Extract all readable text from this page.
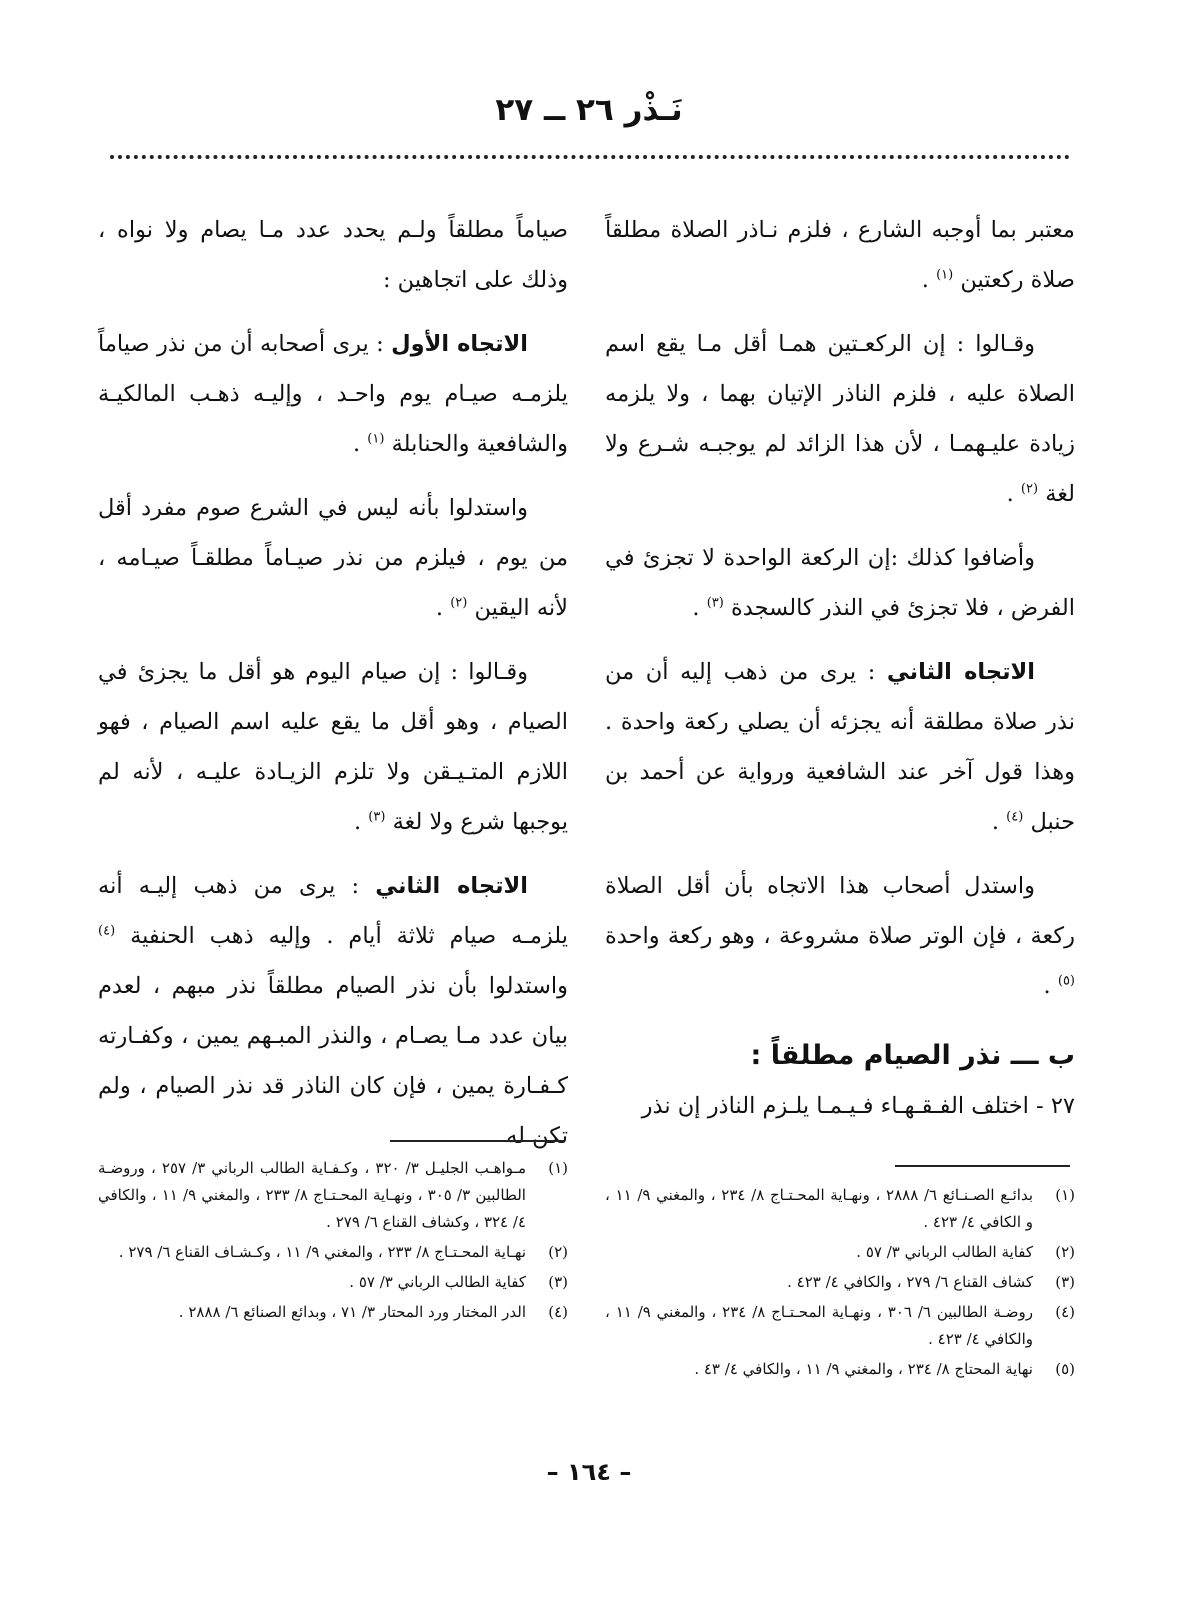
نَـذْر ٢٦ ــ ٢٧

معتبر بما أوجبه الشارع ، فلزم نـاذر الصلاة مطلقاً صلاة ركعتين $^{(١)}$ .

وقـالوا : إن الركعـتين همـا أقل مـا يقع اسم الصلاة عليه ، فلزم الناذر الإتيان بهما ، ولا يلزمه زيادة عليـهمـا ، لأن هذا الزائد لم يوجبـه شـرع ولا لغة $^{(٢)}$ .

وأضافوا كذلك :إن الركعة الواحدة لا تجزئ في الفرض ، فلا تجزئ في النذر كالسجدة $^{(٣)}$ .

الاتجاه الثاني : يرى من ذهب إليه أن من نذر صلاة مطلقة أنه يجزئه أن يصلي ركعة واحدة . وهذا قول آخر عند الشافعية ورواية عن أحمد بن حنبل $^{(٤)}$ .

واستدل أصحاب هذا الاتجاه بأن أقل الصلاة ركعة ، فإن الوتر صلاة مشروعة ، وهو ركعة واحدة $^{(٥)}$ .

ب ـــ نذر الصيام مطلقاً :

٢٧ - اختلف الفـقـهـاء فـيـمـا يلـزم الناذر إن نذر

صياماً مطلقاً ولـم يحدد عدد مـا يصام ولا نواه ، وذلك على اتجاهين :

الاتجاه الأول : يرى أصحابه أن من نذر صياماً يلزمـه صيـام يوم واحـد ، وإليـه ذهـب المالكيـة والشافعية والحنابلة $^{(١)}$ .

واستدلوا بأنه ليس في الشرع صوم مفرد أقل من يوم ، فيلزم من نذر صيـاماً مطلقـاً صيـامه ، لأنه اليقين $^{(٢)}$ .

وقـالوا : إن صيام اليوم هو أقل ما يجزئ في الصيام ، وهو أقل ما يقع عليه اسم الصيام ، فهو اللازم المتـيـقن ولا تلزم الزيـادة عليـه ، لأنه لم يوجبها شرع ولا لغة $^{(٣)}$ .

الاتجاه الثاني : يرى من ذهب إليـه أنه يلزمـه صيام ثلاثة أيام . وإليه ذهب الحنفية $^{(٤)}$ واستدلوا بأن نذر الصيام مطلقاً نذر مبهم ، لعدم بيان عدد مـا يصـام ، والنذر المبـهم يمين ، وكفـارته كـفـارة يمين ، فإن كان الناذر قد نذر الصيام ، ولم تكن له

(١)
بدائـع الصـنـائع ٦/ ٢٨٨٨ ، ونهـاية المحـتـاج ٨/ ٢٣٤ ، والمغني ٩/ ١١ ، و الكافي ٤/ ٤٢٣ .
(٢)
كفاية الطالب الرباني ٣/ ٥٧ .
(٣)
كشاف القناع ٦/ ٢٧٩ ، والكافي ٤/ ٤٢٣ .
(٤)
روضـة الطالبين ٦/ ٣٠٦ ، ونهـاية المحـتـاج ٨/ ٢٣٤ ، والمغني ٩/ ١١ ، والكافي ٤/ ٤٢٣ .
(٥)
نهاية المحتاج ٨/ ٢٣٤ ، والمغني ٩/ ١١ ، والكافي ٤/ ٤٣ .
(١)
مـواهـب الجليـل ٣/ ٣٢٠ ، وكـفـاية الطالب الرباني ٣/ ٢٥٧ ، وروضـة الطالبين ٣/ ٣٠٥ ، ونهـاية المحـتـاج ٨/ ٢٣٣ ، والمغني ٩/ ١١ ، والكافي ٤/ ٣٢٤ ، وكشاف القناع ٦/ ٢٧٩ .
(٢)
نهـاية المحـتـاج ٨/ ٢٣٣ ، والمغني ٩/ ١١ ، وكـشـاف القناع ٦/ ٢٧٩ .
(٣)
كفاية الطالب الرباني ٣/ ٥٧ .
(٤)
الدر المختار ورد المحتار ٣/ ٧١ ، وبدائع الصنائع ٦/ ٢٨٨٨ .
– ١٦٤ –
